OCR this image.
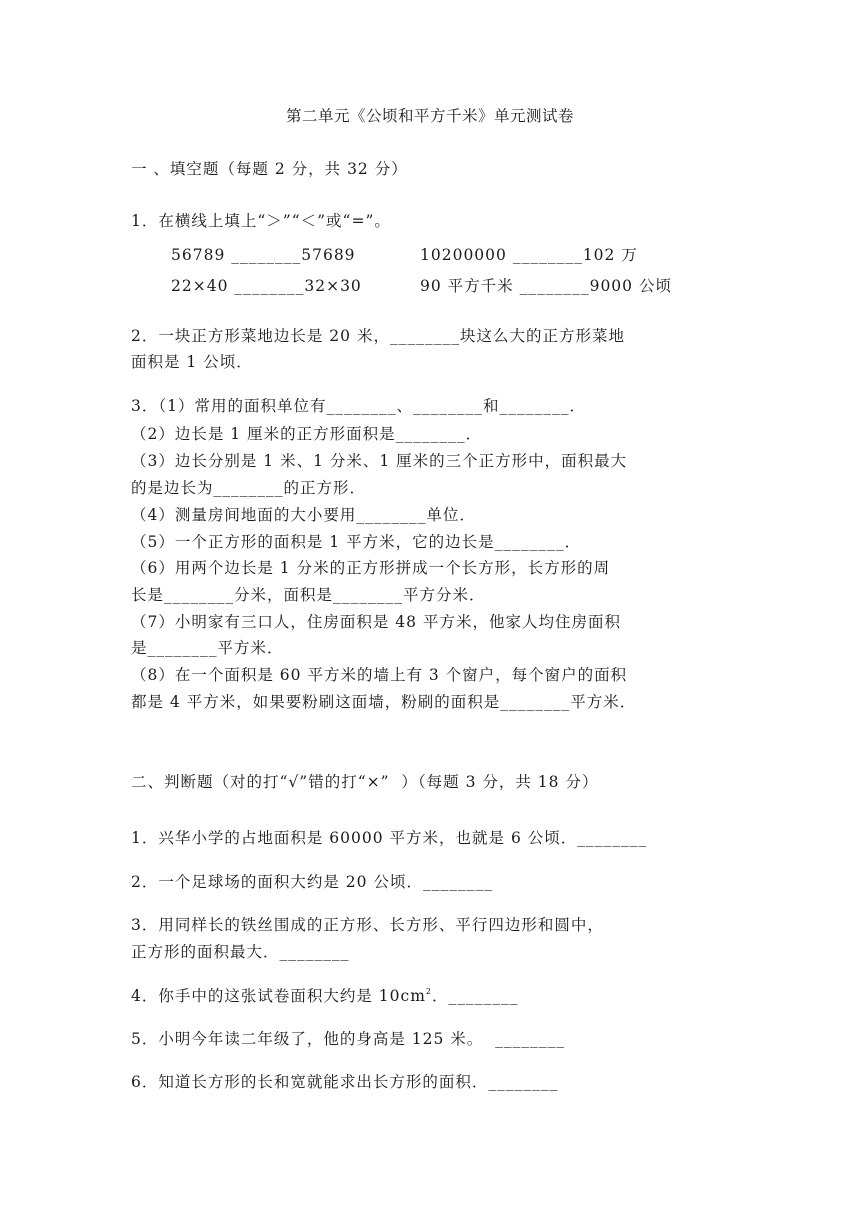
第二单元《公顷和平方千米》单元测试卷
一 、填空题（每题 2 分，共 32 分）
1．在横线上填上“＞”“＜”或“=”。
56789 ________57689	10200000 ________102 万
22×40 ________32×30	90 平方千米 ________9000 公顷
2．一块正方形菜地边长是 20 米，________块这么大的正方形菜地
面积是 1 公顷．
3．（1）常用的面积单位有________、________和________．
（2）边长是 1 厘米的正方形面积是________．
（3）边长分别是 1 米、1 分米、1 厘米的三个正方形中，面积最大
的是边长为________的正方形．
（4）测量房间地面的大小要用________单位．
（5）一个正方形的面积是 1 平方米，它的边长是________．
（6）用两个边长是 1 分米的正方形拼成一个长方形，长方形的周
长是________分米，面积是________平方分米．
（7）小明家有三口人，住房面积是 48 平方米，他家人均住房面积
是________平方米．
（8）在一个面积是 60 平方米的墙上有 3 个窗户，每个窗户的面积
都是 4 平方米，如果要粉刷这面墙，粉刷的面积是________平方米．
二、判断题（对的打“√”错的打“×”  ）（每题 3 分，共 18 分）
1．兴华小学的占地面积是 60000 平方米，也就是 6 公顷．________
2．一个足球场的面积大约是 20 公顷．________
3．用同样长的铁丝围成的正方形、长方形、平行四边形和圆中，
正方形的面积最大．________
4．你手中的这张试卷面积大约是 $10cm^2$．________
5．小明今年读二年级了，他的身高是 125 米。  ________
6．知道长方形的长和宽就能求出长方形的面积．________
